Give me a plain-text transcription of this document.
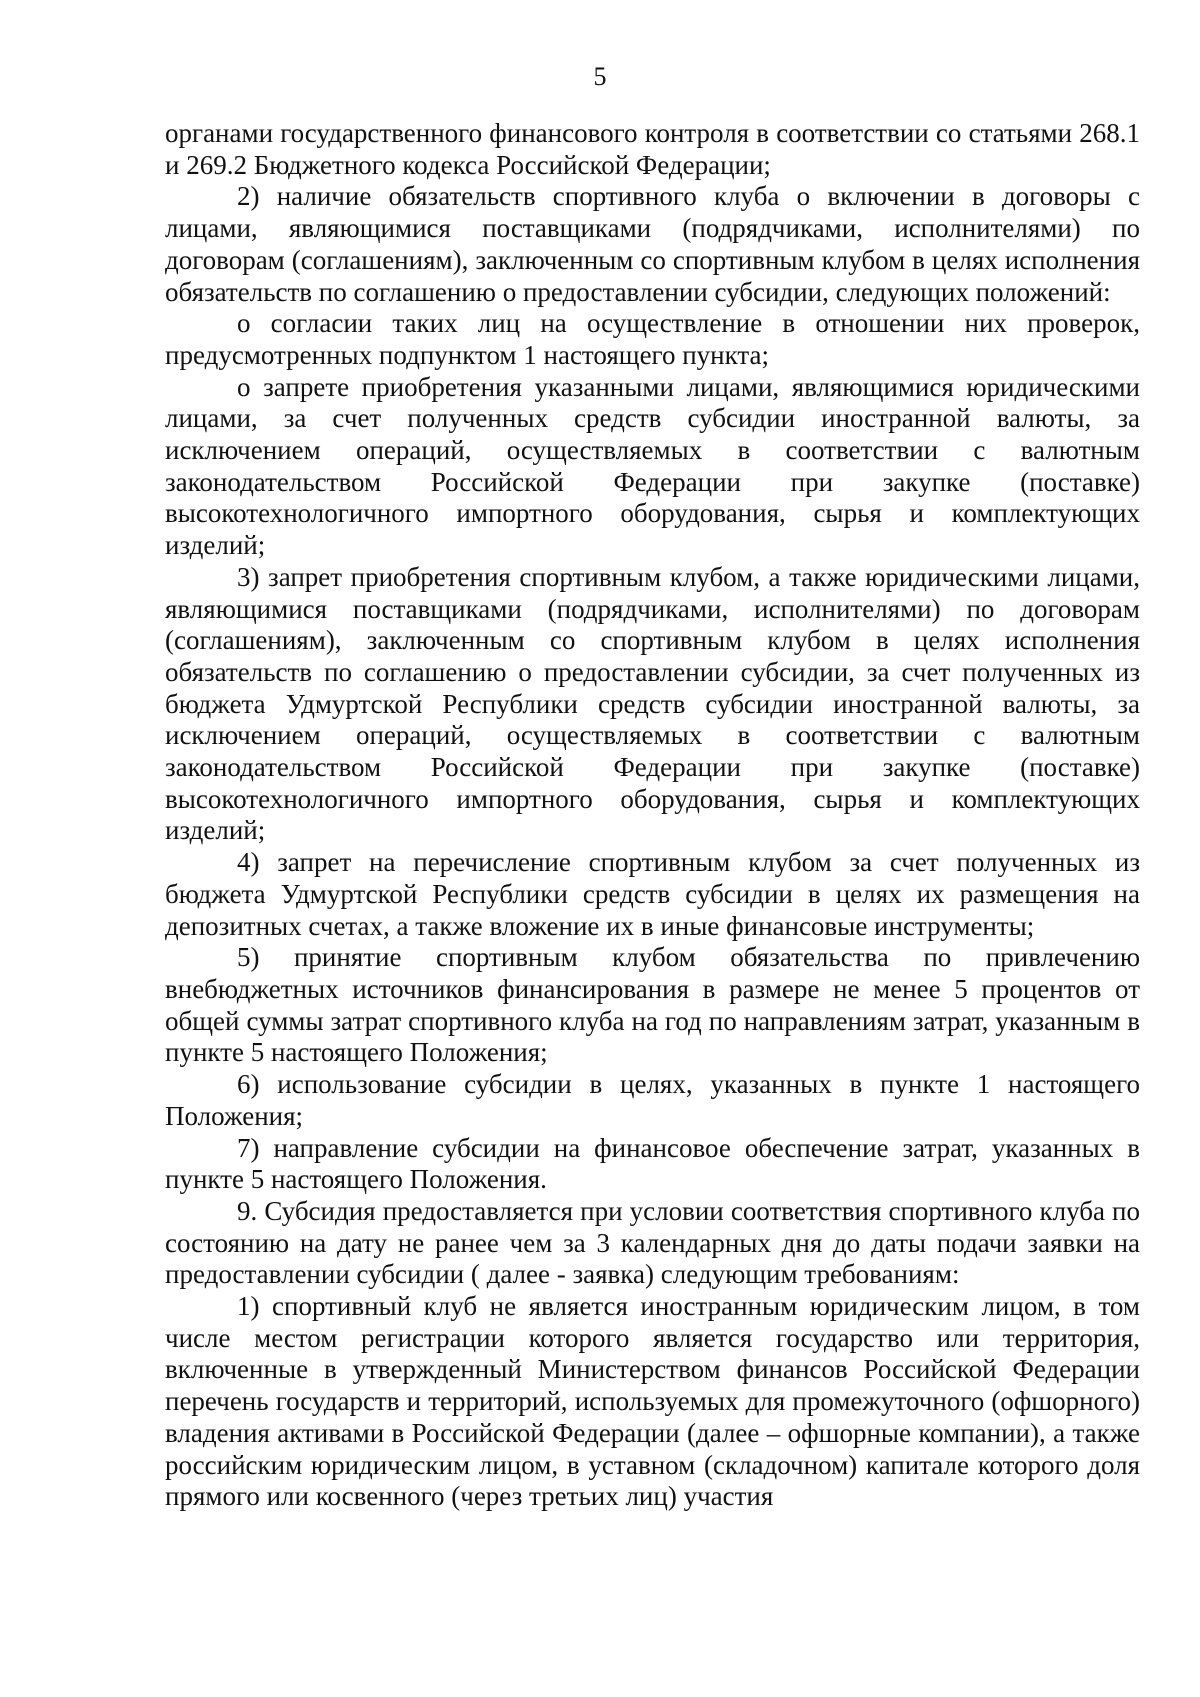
5

органами государственного финансового контроля в соответствии со статьями 268.1 и 269.2 Бюджетного кодекса Российской Федерации;

2) наличие обязательств спортивного клуба о включении в договоры с лицами, являющимися поставщиками (подрядчиками, исполнителями) по договорам (соглашениям), заключенным со спортивным клубом в целях исполнения обязательств по соглашению о предоставлении субсидии, следующих положений:

о согласии таких лиц на осуществление в отношении них проверок, предусмотренных подпунктом 1 настоящего пункта;

о запрете приобретения указанными лицами, являющимися юридическими лицами, за счет полученных средств субсидии иностранной валюты, за исключением операций, осуществляемых в соответствии с валютным законодательством Российской Федерации при закупке (поставке) высокотехнологичного импортного оборудования, сырья и комплектующих изделий;

3) запрет приобретения спортивным клубом, а также юридическими лицами, являющимися поставщиками (подрядчиками, исполнителями) по договорам (соглашениям), заключенным со спортивным клубом в целях исполнения обязательств по соглашению о предоставлении субсидии, за счет полученных из бюджета Удмуртской Республики средств субсидии иностранной валюты, за исключением операций, осуществляемых в соответствии с валютным законодательством Российской Федерации при закупке (поставке) высокотехнологичного импортного оборудования, сырья и комплектующих изделий;

4) запрет на перечисление спортивным клубом за счет полученных из бюджета Удмуртской Республики средств субсидии в целях их размещения на депозитных счетах, а также вложение их в иные финансовые инструменты;

5) принятие спортивным клубом обязательства по привлечению внебюджетных источников финансирования в размере не менее 5 процентов от общей суммы затрат спортивного клуба на год по направлениям затрат, указанным в пункте 5 настоящего Положения;

6) использование субсидии в целях, указанных в пункте 1 настоящего Положения;

7) направление субсидии на финансовое обеспечение затрат, указанных в пункте 5 настоящего Положения.

9. Субсидия предоставляется при условии соответствия спортивного клуба по состоянию на дату не ранее чем за 3 календарных дня до даты подачи заявки на предоставлении субсидии ( далее - заявка) следующим требованиям:

1) спортивный клуб не является иностранным юридическим лицом, в том числе местом регистрации которого является государство или территория, включенные в утвержденный Министерством финансов Российской Федерации перечень государств и территорий, используемых для промежуточного (офшорного) владения активами в Российской Федерации (далее – офшорные компании), а также российским юридическим лицом, в уставном (складочном) капитале которого доля прямого или косвенного (через третьих лиц) участия
